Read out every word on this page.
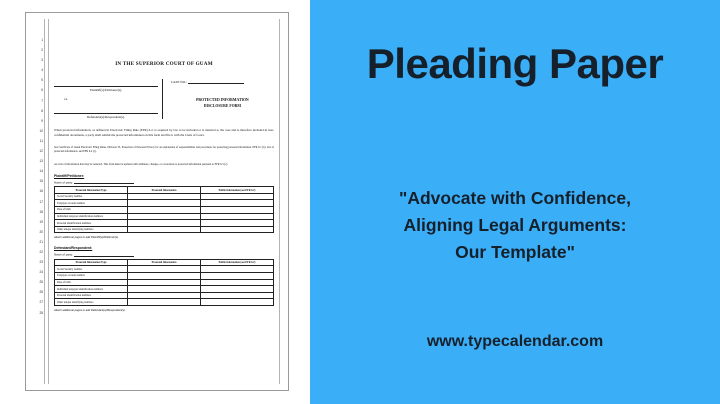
1
2
3
4
5
6
7
8
9
10
11
12
13
14
15
16
17
18
19
20
21
22
23
24
25
26
27
28
IN THE SUPERIOR COURT OF GUAM
Plaintiff(s)/Petitioner(s),
vs.
Defendant(s)/Respondent(s).
CASE NO.:
PROTECTED INFORMATION
DISCLOSURE FORM
When protected information, as defined in Electronic Filing Rule (EFR) 6.2, is required by law to be included or is material to the case and is therefore included in non-confidential documents, a party shall submit the protected information on this form and file it with the Clerk of Court.
See Certificate of Guam Electronic Filing Rules, Division VI, Protection of Personal Privacy for an explanation of responsibilities and procedures for protecting personal information. EFR 6.1 (b), List of protected information, and EFR 6.2 (c).
As a list of information that may be redacted. This form must be updated with additions, changes, or corrections to protected information pursuant to EFR 6.3 (c).
Plaintiff/Petitioner:
Name of party:
Protected Information Type	Protected Information	Public Information (see EFR 6.2)
Social Security number		
Taxpayer account number		
Date of birth		
Individual taxpayer identification numbers		
Personal identification numbers		
Other unique identifying numbers		
Attach additional pages to add Plaintiff(s)/Petitioner(s)
Defendant/Respondent:
Name of party:
Protected Information Type	Protected Information	Public Information (see EFR 6.2)
Social Security number		
Taxpayer account number		
Date of birth		
Individual taxpayer identification numbers		
Personal identification numbers		
Other unique identifying numbers		
Attach additional pages to add Defendant(s)/Respondent(s)
Pleading Paper
"Advocate with Confidence,
Aligning Legal Arguments:
Our Template"
www.typecalendar.com
